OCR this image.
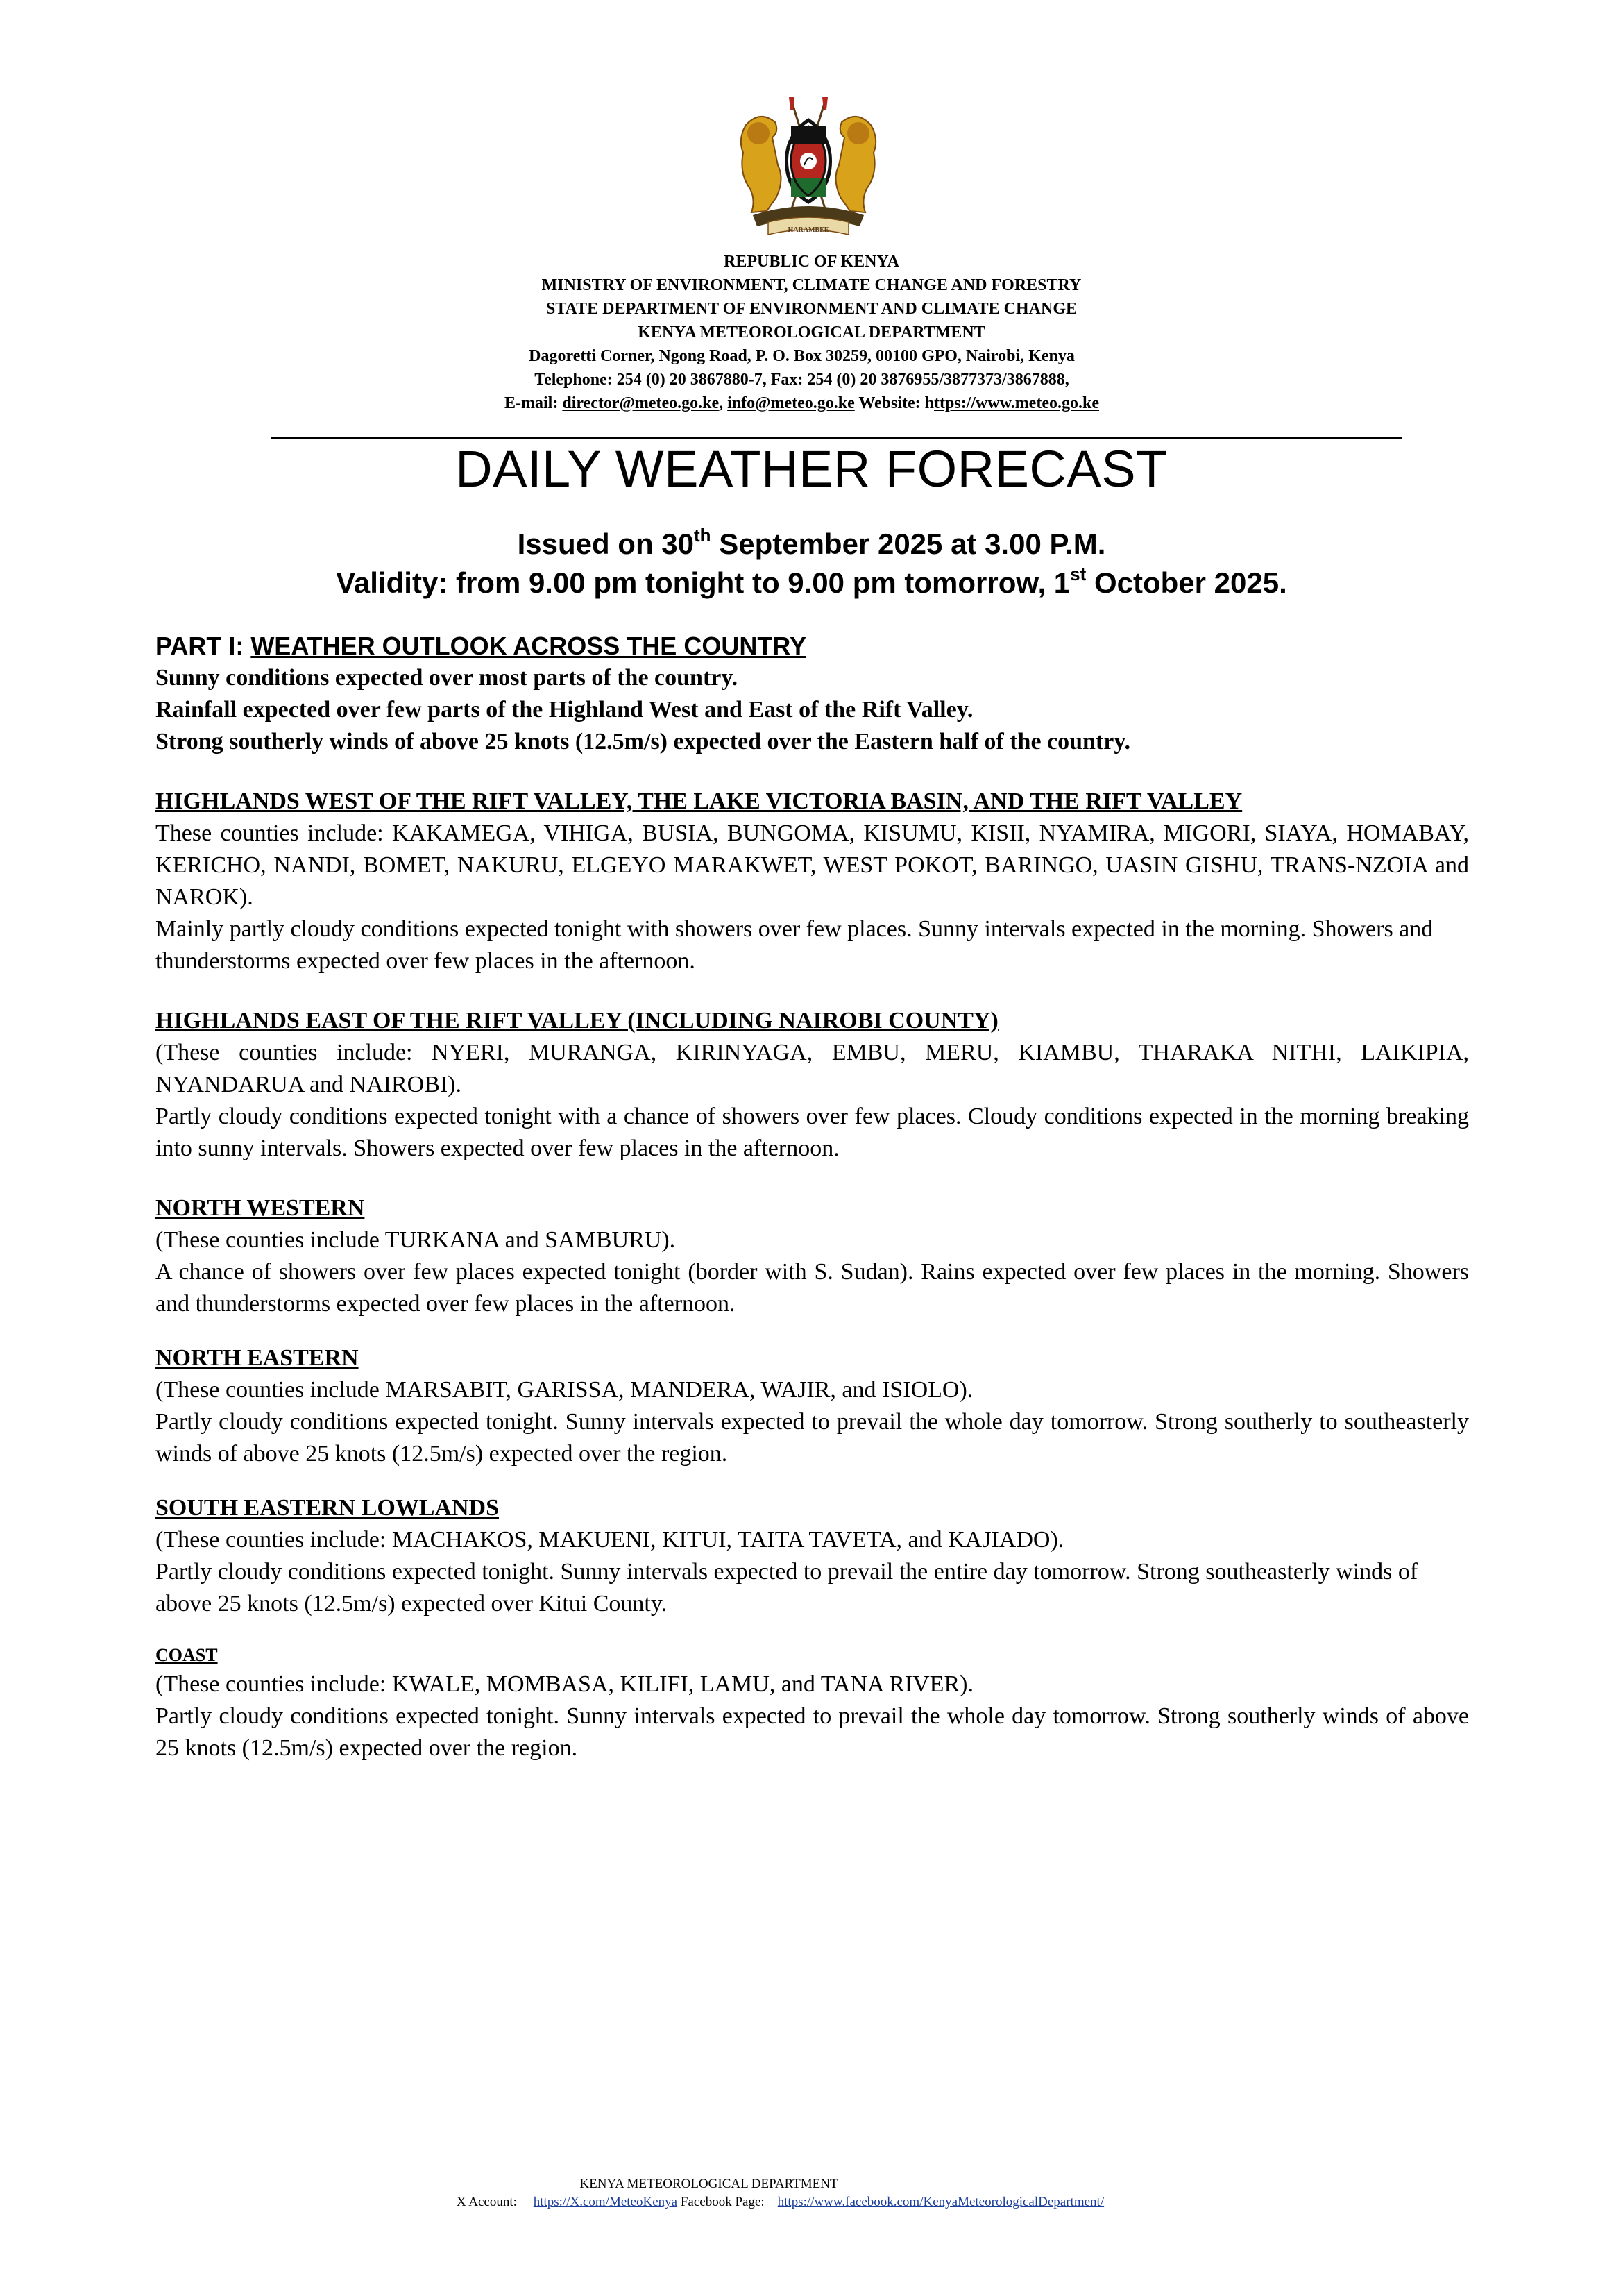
HARAMBEE
REPUBLIC OF KENYA
MINISTRY OF ENVIRONMENT, CLIMATE CHANGE AND FORESTRY
STATE DEPARTMENT OF ENVIRONMENT AND CLIMATE CHANGE
KENYA METEOROLOGICAL DEPARTMENT
Dagoretti Corner, Ngong Road, P. O. Box 30259, 00100 GPO, Nairobi, Kenya
Telephone: 254 (0) 20 3867880-7, Fax: 254 (0) 20 3876955/3877373/3867888,
E-mail: director@meteo.go.ke, info@meteo.go.ke Website: https://www.meteo.go.ke
DAILY WEATHER FORECAST
Issued on 30th September 2025 at 3.00 P.M.
Validity: from 9.00 pm tonight to 9.00 pm tomorrow, 1st October 2025.
PART I: WEATHER OUTLOOK ACROSS THE COUNTRY
Sunny conditions expected over most parts of the country.
Rainfall expected over few parts of the Highland West and East of the Rift Valley.
Strong southerly winds of above 25 knots (12.5m/s) expected over the Eastern half of the country.
HIGHLANDS WEST OF THE RIFT VALLEY, THE LAKE VICTORIA BASIN, AND THE RIFT VALLEY

These counties include: KAKAMEGA, VIHIGA, BUSIA, BUNGOMA, KISUMU, KISII, NYAMIRA, MIGORI, SIAYA, HOMABAY, KERICHO, NANDI, BOMET, NAKURU, ELGEYO MARAKWET, WEST POKOT, BARINGO, UASIN GISHU, TRANS-NZOIA and NAROK).

Mainly partly cloudy conditions expected tonight with showers over few places. Sunny intervals expected in the morning. Showers and thunderstorms expected over few places in the afternoon.

HIGHLANDS EAST OF THE RIFT VALLEY (INCLUDING NAIROBI COUNTY)

(These counties include: NYERI, MURANGA, KIRINYAGA, EMBU, MERU, KIAMBU, THARAKA NITHI, LAIKIPIA, NYANDARUA and NAIROBI).

Partly cloudy conditions expected tonight with a chance of showers over few places. Cloudy conditions expected in the morning breaking into sunny intervals. Showers expected over few places in the afternoon.

NORTH WESTERN

(These counties include TURKANA and SAMBURU).

A chance of showers over few places expected tonight (border with S. Sudan). Rains expected over few places in the morning. Showers and thunderstorms expected over few places in the afternoon.

NORTH EASTERN

(These counties include MARSABIT, GARISSA, MANDERA, WAJIR, and ISIOLO).

Partly cloudy conditions expected tonight. Sunny intervals expected to prevail the whole day tomorrow. Strong southerly to southeasterly winds of above 25 knots (12.5m/s) expected over the region.

SOUTH EASTERN LOWLANDS

(These counties include: MACHAKOS, MAKUENI, KITUI, TAITA TAVETA, and KAJIADO).

Partly cloudy conditions expected tonight. Sunny intervals expected to prevail the entire day tomorrow. Strong southeasterly winds of above 25 knots (12.5m/s) expected over Kitui County.

COAST

(These counties include: KWALE, MOMBASA, KILIFI, LAMU, and TANA RIVER).

Partly cloudy conditions expected tonight. Sunny intervals expected to prevail the whole day tomorrow. Strong southerly winds of above 25 knots (12.5m/s) expected over the region.

KENYA METEOROLOGICAL DEPARTMENT
X Account: https://X.com/MeteoKenya Facebook Page: https://www.facebook.com/KenyaMeteorologicalDepartment/
